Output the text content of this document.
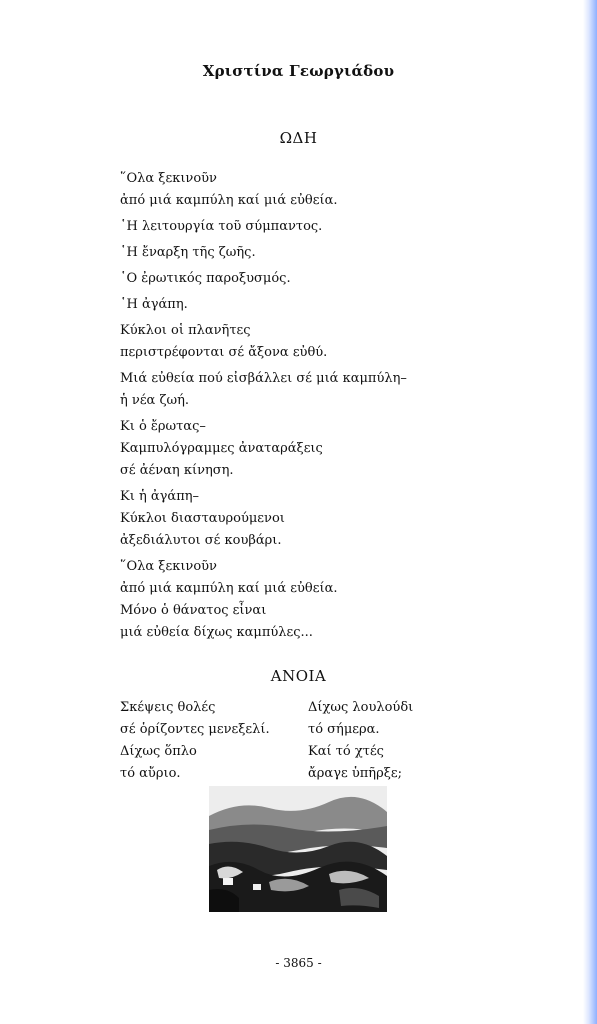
Χριστίνα Γεωργιάδου
ΩΔΗ
῞Ολα ξεκινοῦν
ἀπό μιά καμπύλη καί μιά εὐθεία.
῾Η λειτουργία τοῦ σύμπαντος.
῾Η ἔναρξη τῆς ζωῆς.
῾Ο ἐρωτικός παροξυσμός.
῾Η ἀγάπη.
Κύκλοι οἱ πλανῆτες
περιστρέφονται σέ ἄξονα εὐθύ.
Μιά εὐθεία πού εἰσβάλλει σέ μιά καμπύλη–
ἡ νέα ζωή.
Κι ὁ ἔρωτας–
Καμπυλόγραμμες ἀναταράξεις
σέ ἀέναη κίνηση.
Κι ἡ ἀγάπη–
Κύκλοι διασταυρούμενοι
ἀξεδιάλυτοι σέ κουβάρι.
῞Ολα ξεκινοῦν
ἀπό μιά καμπύλη καί μιά εὐθεία.
Μόνο ὁ θάνατος εἶναι
μιά εὐθεία δίχως καμπύλες...
ΑΝΟΙΑ
Σκέψεις θολές
σέ ὁρίζοντες μενεξελί.
Δίχως ὅπλο
τό αὔριο.
Δίχως λουλούδι
τό σήμερα.
Καί τό χτές
ἄραγε ὑπῆρξε;
- 3865 -
